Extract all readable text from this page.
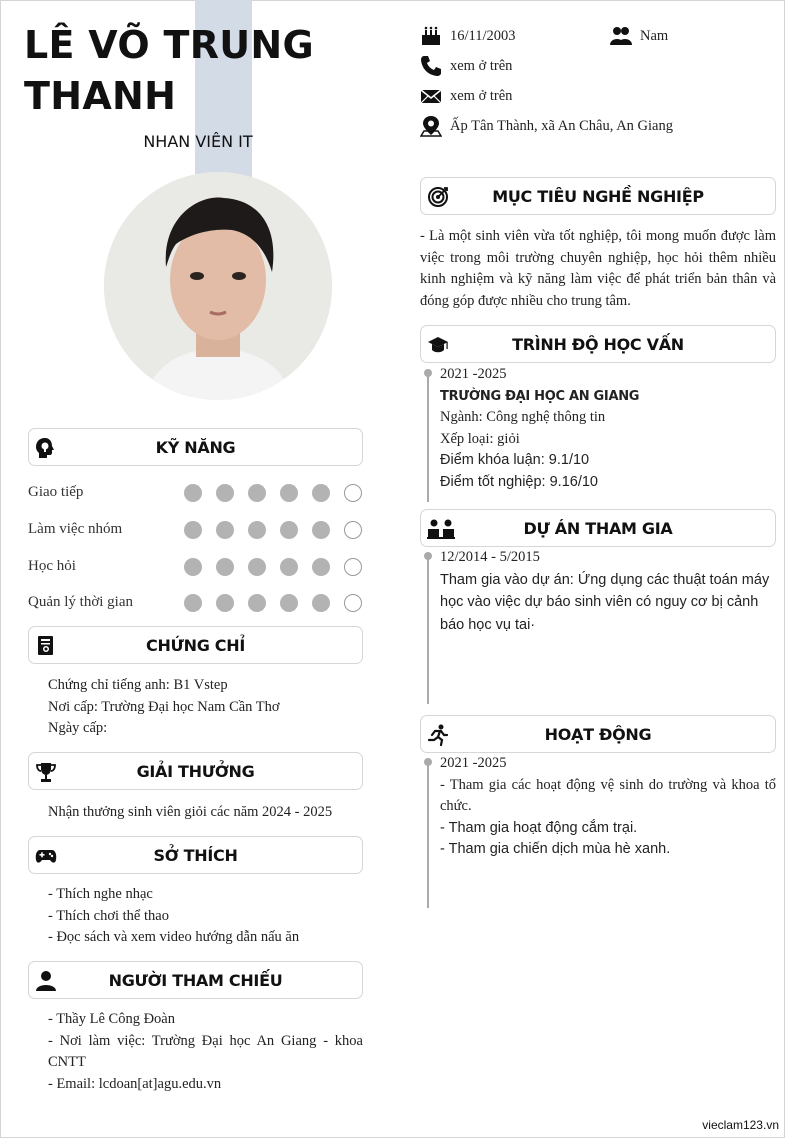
LÊ VÕ TRUNG
THANH
NHAN VIÊN IT
16/11/2003	Nam
xem ở trên
xem ở trên
Ấp Tân Thành, xã An Châu, An Giang
KỸ NĂNG
Giao tiếp
Làm việc nhóm
Học hỏi
Quản lý thời gian
CHỨNG CHỈ

Chứng chỉ tiếng anh: B1 Vstep

Nơi cấp: Trường Đại học Nam Cần Thơ

Ngày cấp:

GIẢI THƯỞNG

Nhận thưởng sinh viên giỏi các năm 2024 - 2025

SỞ THÍCH

- Thích nghe nhạc

- Thích chơi thể thao

- Đọc sách và xem video hướng dẫn nấu ăn

NGƯỜI THAM CHIẾU

- Thầy Lê Công Đoàn

- Nơi làm việc: Trường Đại học An Giang - khoa CNTT

- Email: lcdoan[at]agu.edu.vn

MỤC TIÊU NGHỀ NGHIỆP
- Là một sinh viên vừa tốt nghiệp, tôi mong muốn được làm việc trong môi trường chuyên nghiệp, học hỏi thêm nhiều kinh nghiệm và kỹ năng làm việc để phát triển bản thân và đóng góp được nhiều cho trung tâm.
TRÌNH ĐỘ HỌC VẤN

2021 -2025

TRƯỜNG ĐẠI HỌC AN GIANG

Ngành: Công nghệ thông tin

Xếp loại: giỏi

Điểm khóa luận: 9.1/10

Điểm tốt nghiệp: 9.16/10

DỰ ÁN THAM GIA

12/2014 - 5/2015

Tham gia vào dự án: Ứng dụng các thuật toán máy học vào việc dự báo sinh viên có nguy cơ bị cảnh báo học vụ tai·

HOẠT ĐỘNG

2021 -2025

- Tham gia các hoạt động vệ sinh do trường và khoa tổ chức.

- Tham gia hoạt động cắm trại.

- Tham gia chiến dịch mùa hè xanh.

vieclam123.vn
